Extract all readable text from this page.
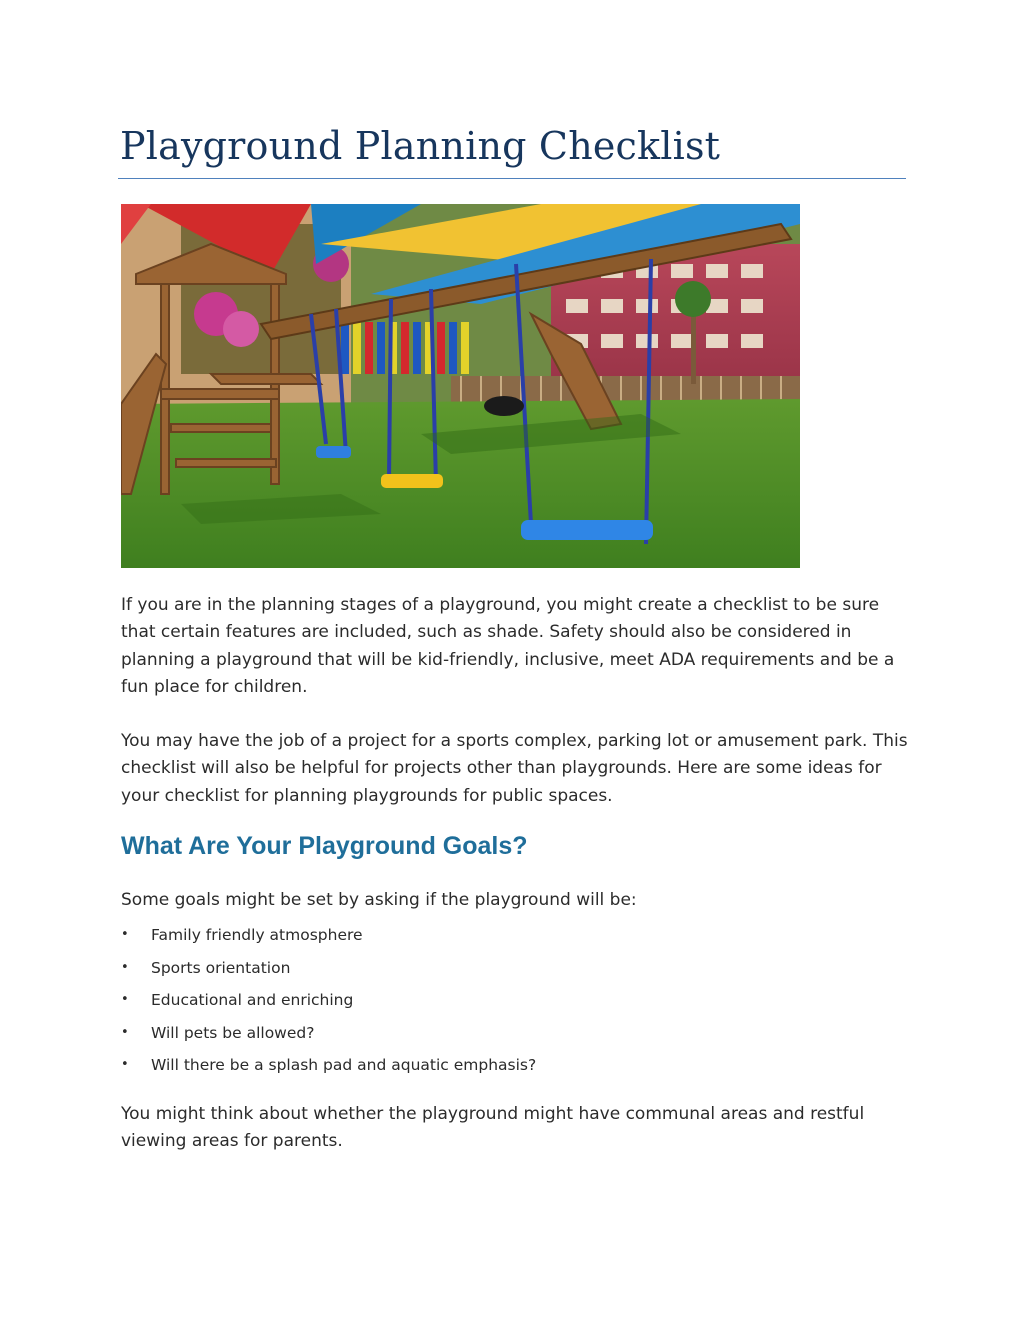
Playground Planning Checklist

If you are in the planning stages of a playground, you might create a checklist to be sure that certain features are included, such as shade. Safety should also be considered in planning a playground that will be kid-friendly, inclusive, meet ADA requirements and be a fun place for children.

You may have the job of a project for a sports complex, parking lot or amusement park. This checklist will also be helpful for projects other than playgrounds. Here are some ideas for your checklist for planning playgrounds for public spaces.

What Are Your Playground Goals?
Some goals might be set by asking if the playground will be:
• Family friendly atmosphere
• Sports orientation
• Educational and enriching
• Will pets be allowed?
• Will there be a splash pad and aquatic emphasis?

You might think about whether the playground might have communal areas and restful viewing areas for parents.
